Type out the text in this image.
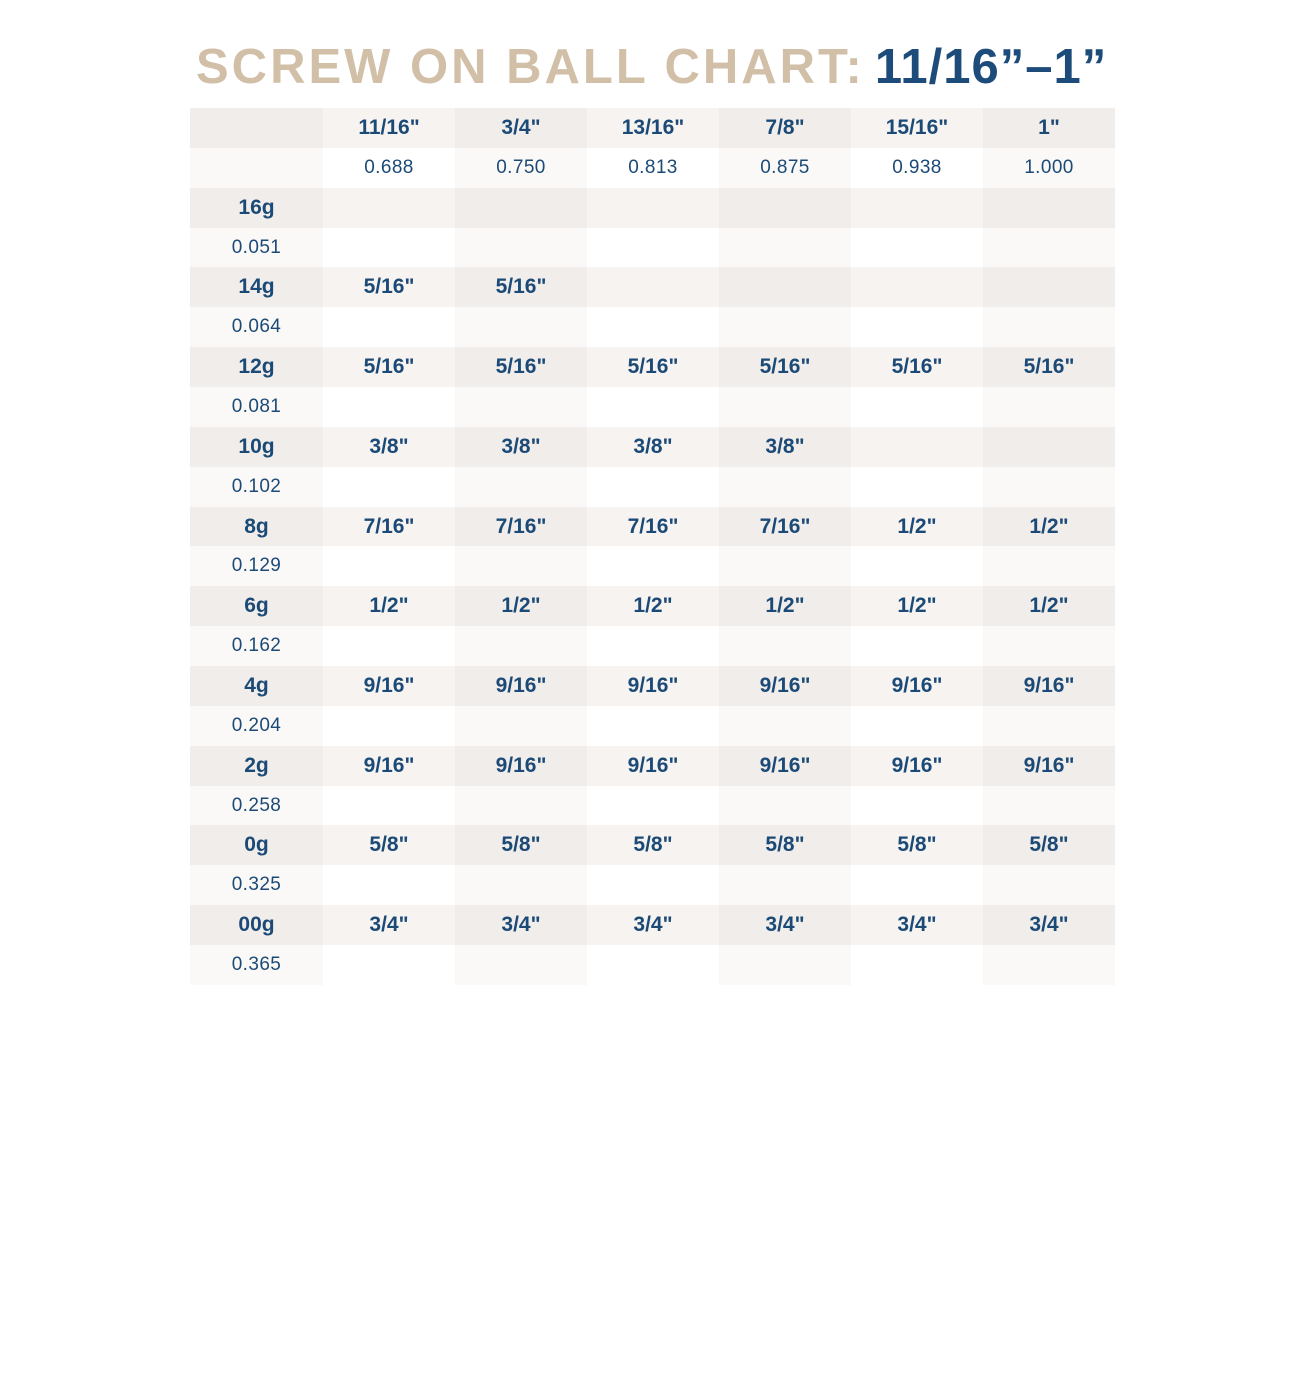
SCREW ON BALL CHART: 11/16”–1”
11/16"	3/4"	13/16"	7/8"	15/16"	1"
0.688	0.750	0.813	0.875	0.938	1.000
16g
0.051
14g	5/16"	5/16"
0.064
12g	5/16"	5/16"	5/16"	5/16"	5/16"	5/16"
0.081
10g	3/8"	3/8"	3/8"	3/8"
0.102
8g	7/16"	7/16"	7/16"	7/16"	1/2"	1/2"
0.129
6g	1/2"	1/2"	1/2"	1/2"	1/2"	1/2"
0.162
4g	9/16"	9/16"	9/16"	9/16"	9/16"	9/16"
0.204
2g	9/16"	9/16"	9/16"	9/16"	9/16"	9/16"
0.258
0g	5/8"	5/8"	5/8"	5/8"	5/8"	5/8"
0.325
00g	3/4"	3/4"	3/4"	3/4"	3/4"	3/4"
0.365
